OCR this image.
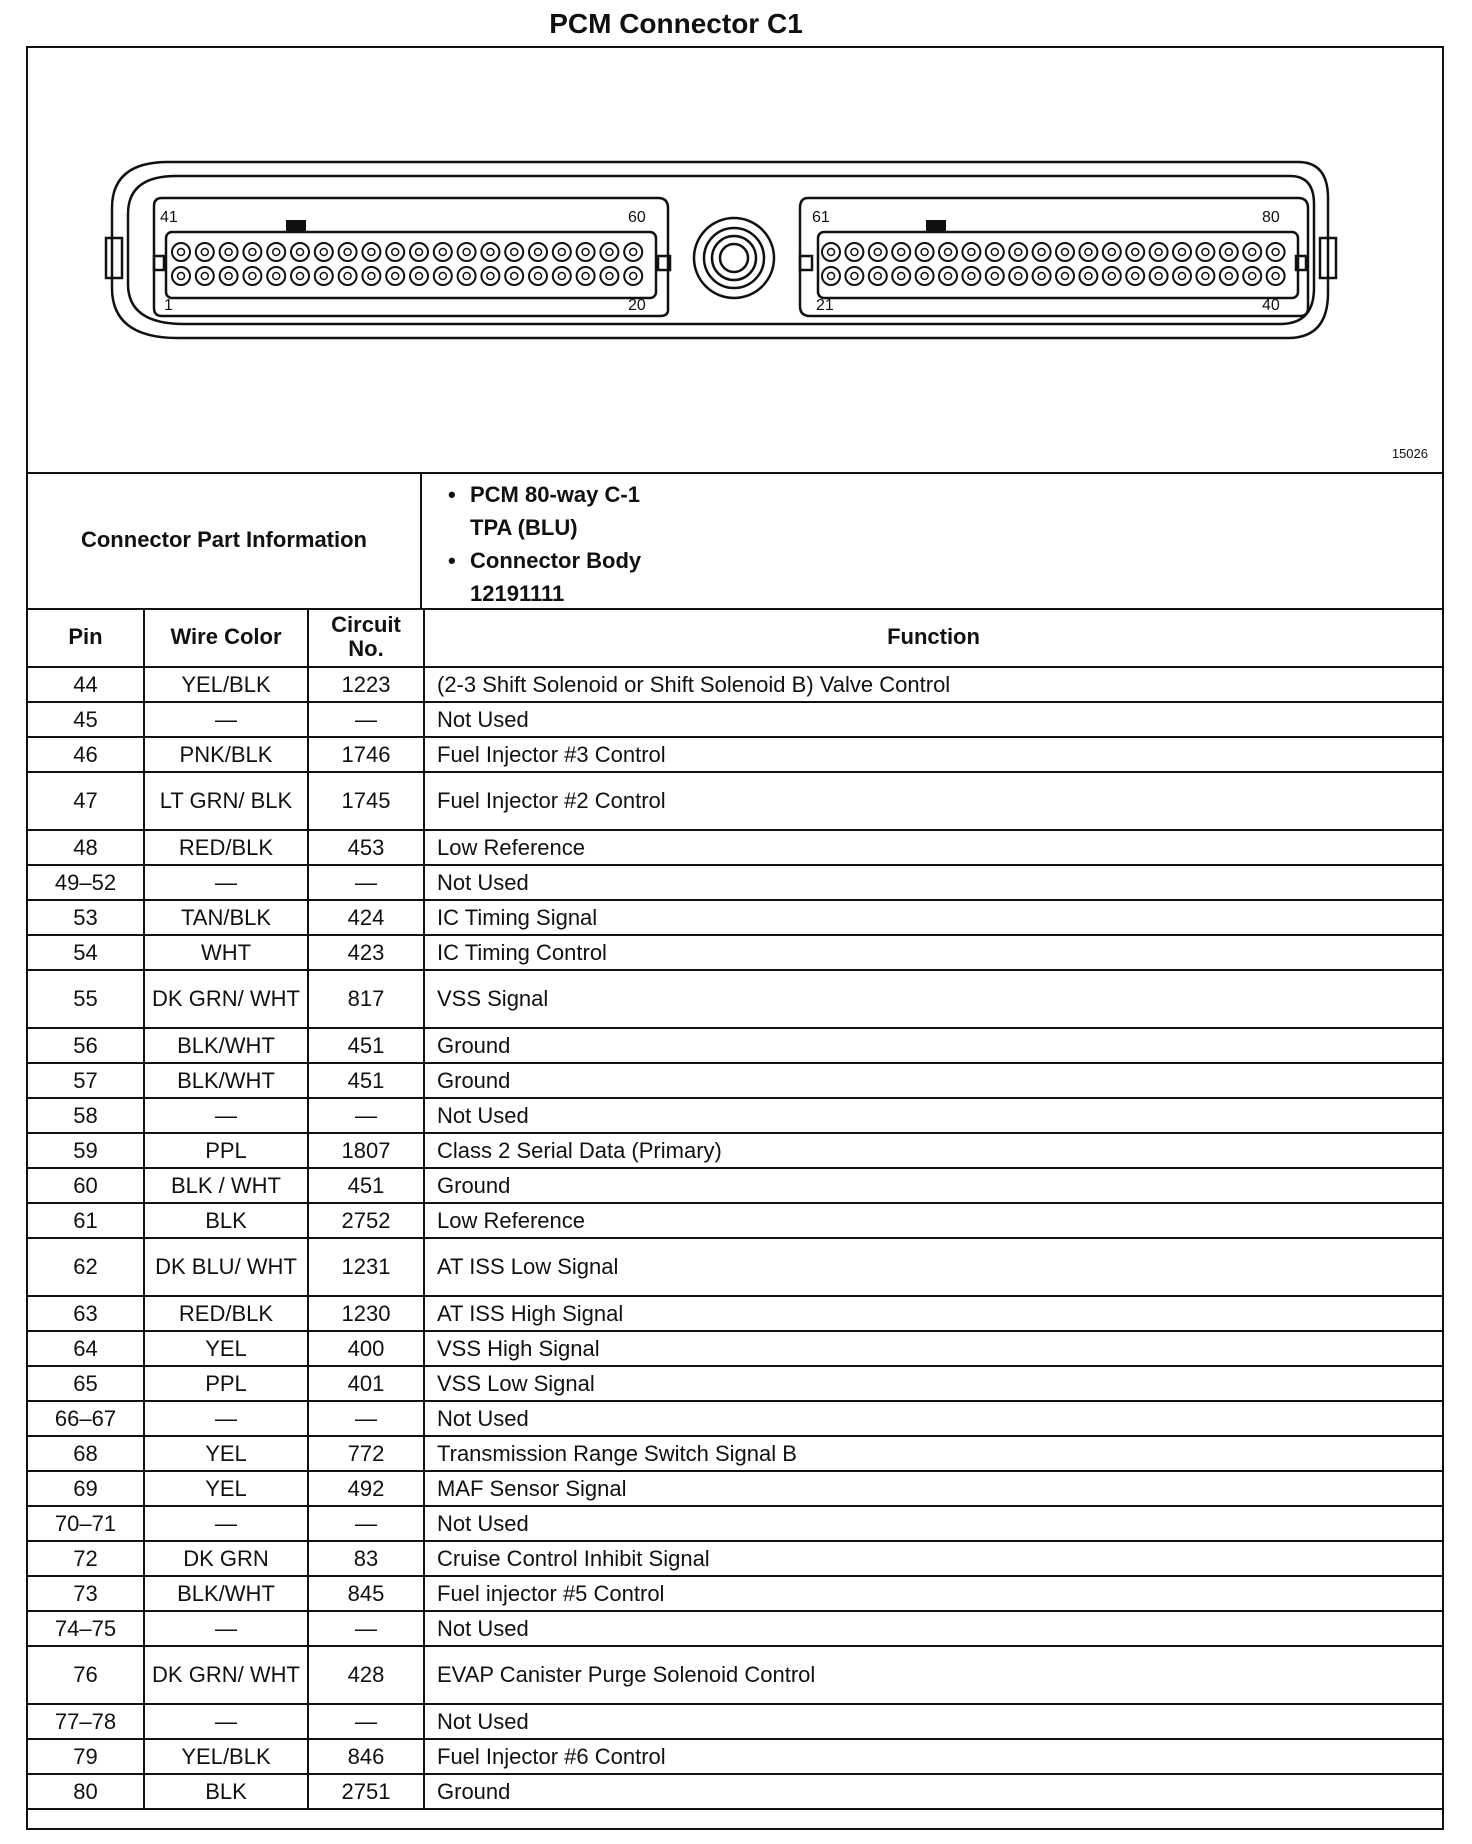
PCM Connector C1
41	60
1	20
61	80
21	40
15026
Connector Part Information
• PCM 80-way C-1
TPA (BLU)
• Connector Body
12191111
Pin	Wire Color	Circuit No.	Function
44	YEL/BLK	1223	(2-3 Shift Solenoid or Shift Solenoid B) Valve Control
45	—	—	Not Used
46	PNK/BLK	1746	Fuel Injector #3 Control
47	LT GRN/ BLK	1745	Fuel Injector #2 Control
48	RED/BLK	453	Low Reference
49–52	—	—	Not Used
53	TAN/BLK	424	IC Timing Signal
54	WHT	423	IC Timing Control
55	DK GRN/ WHT	817	VSS Signal
56	BLK/WHT	451	Ground
57	BLK/WHT	451	Ground
58	—	—	Not Used
59	PPL	1807	Class 2 Serial Data (Primary)
60	BLK / WHT	451	Ground
61	BLK	2752	Low Reference
62	DK BLU/ WHT	1231	AT ISS Low Signal
63	RED/BLK	1230	AT ISS High Signal
64	YEL	400	VSS High Signal
65	PPL	401	VSS Low Signal
66–67	—	—	Not Used
68	YEL	772	Transmission Range Switch Signal B
69	YEL	492	MAF Sensor Signal
70–71	—	—	Not Used
72	DK GRN	83	Cruise Control Inhibit Signal
73	BLK/WHT	845	Fuel injector #5 Control
74–75	—	—	Not Used
76	DK GRN/ WHT	428	EVAP Canister Purge Solenoid Control
77–78	—	—	Not Used
79	YEL/BLK	846	Fuel Injector #6 Control
80	BLK	2751	Ground
